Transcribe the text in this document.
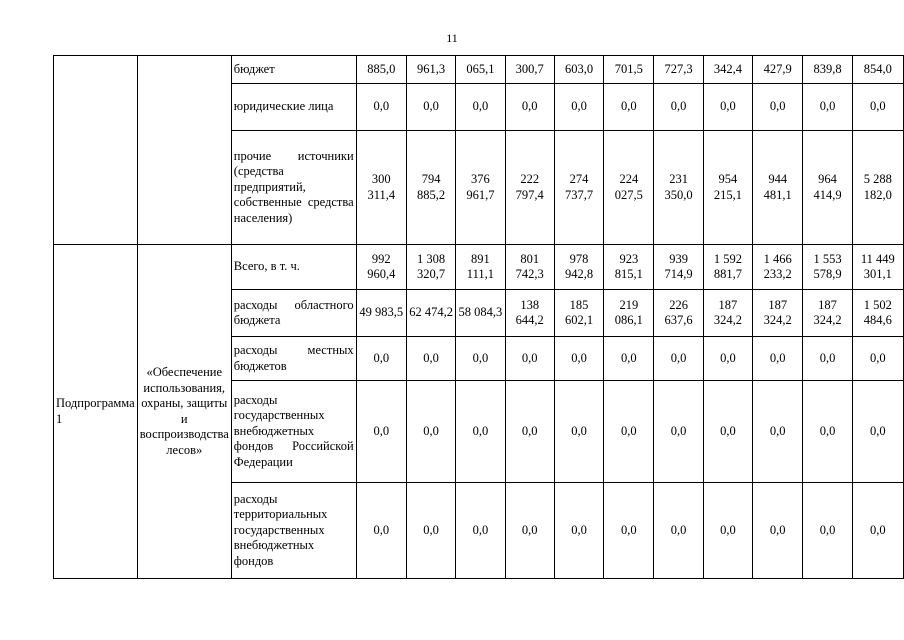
11
		бюджет	885,0	961,3	065,1	300,7	603,0	701,5	727,3	342,4	427,9	839,8	854,0
		юридические лица	0,0	0,0	0,0	0,0	0,0	0,0	0,0	0,0	0,0	0,0	0,0
		прочие источники (средства предприятий, собственные средства населения)	300 311,4	794 885,2	376 961,7	222 797,4	274 737,7	224 027,5	231 350,0	954 215,1	944 481,1	964 414,9	5 288 182,0
Подпрограмма 1	«Обеспечение использования, охраны, защиты и воспроизводства лесов»	Всего, в т. ч.	992 960,4	1 308 320,7	891 111,1	801 742,3	978 942,8	923 815,1	939 714,9	1 592 881,7	1 466 233,2	1 553 578,9	11 449 301,1
		расходы областного бюджета	49 983,5	62 474,2	58 084,3	138 644,2	185 602,1	219 086,1	226 637,6	187 324,2	187 324,2	187 324,2	1 502 484,6
		расходы местных бюджетов	0,0	0,0	0,0	0,0	0,0	0,0	0,0	0,0	0,0	0,0	0,0
		расходы государственных внебюджетных фондов Российской Федерации	0,0	0,0	0,0	0,0	0,0	0,0	0,0	0,0	0,0	0,0	0,0
		расходы территориальных государственных внебюджетных фондов	0,0	0,0	0,0	0,0	0,0	0,0	0,0	0,0	0,0	0,0	0,0
